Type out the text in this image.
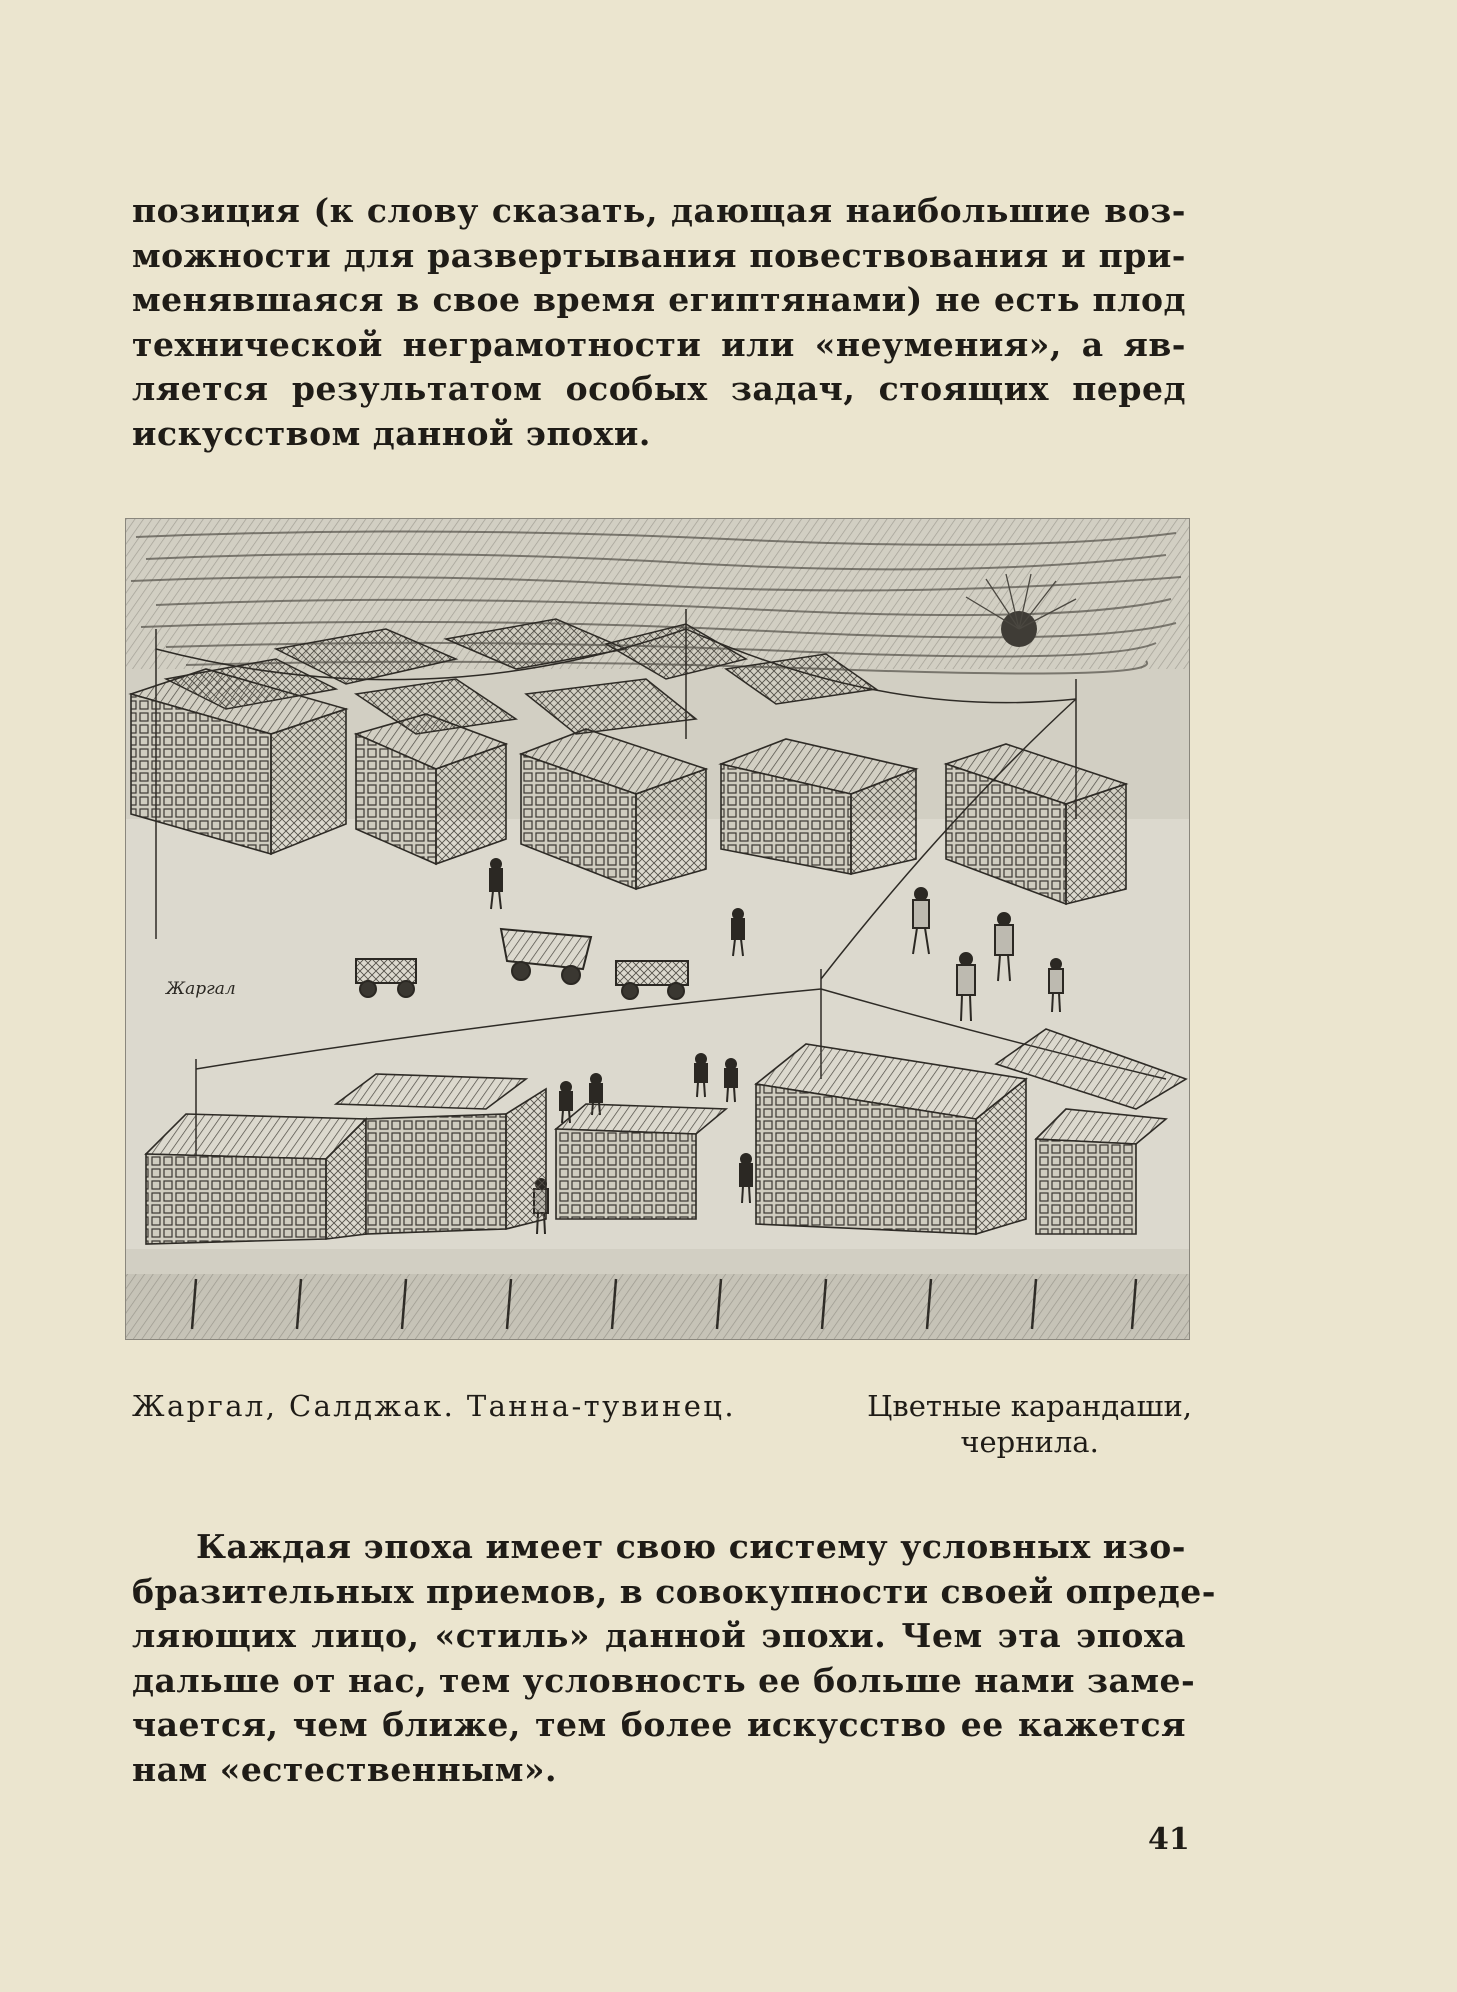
позиция (к слову сказать, дающая наибольшие воз-
можности для развертывания повествования и при-
менявшаяся в свое время египтянами) не есть плод
технической неграмотности или «неумения», а яв-
ляется результатом особых задач, стоящих перед
искусством данной эпохи.

Жаргал
Жаргал, Салджак. Танна-тувинец.	Цветные карандаши,
чернила.

Каждая эпоха имеет свою систему условных изо-
бразительных приемов, в совокупности своей опреде-
ляющих лицо, «стиль» данной эпохи. Чем эта эпоха
дальше от нас, тем условность ее больше нами заме-
чается, чем ближе, тем более искусство ее кажется
нам «естественным».

41
